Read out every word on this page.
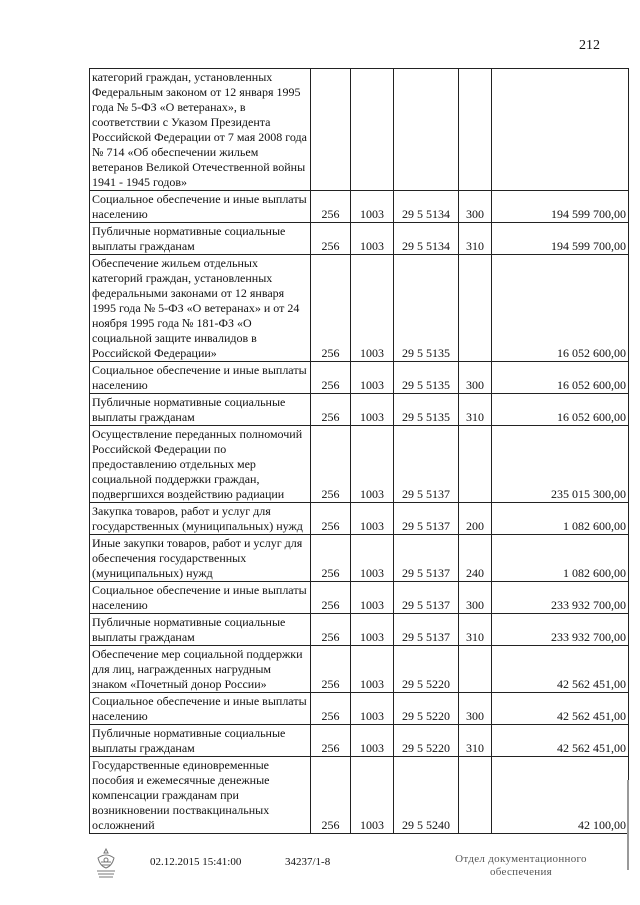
212
категорий граждан, установленных Федеральным законом от 12 января 1995 года № 5-ФЗ «О ветеранах», в соответствии с Указом Президента Российской Федерации от 7 мая 2008 года № 714 «Об обеспечении жильем ветеранов Великой Отечественной войны 1941 - 1945 годов»					
Социальное обеспечение и иные выплаты населению	256	1003	29 5 5134	300	194 599 700,00
Публичные нормативные социальные выплаты гражданам	256	1003	29 5 5134	310	194 599 700,00
Обеспечение жильем отдельных категорий граждан, установленных федеральными законами от 12 января 1995 года № 5-ФЗ «О ветеранах» и от 24 ноября 1995 года № 181-ФЗ «О социальной защите инвалидов в Российской Федерации»	256	1003	29 5 5135		16 052 600,00
Социальное обеспечение и иные выплаты населению	256	1003	29 5 5135	300	16 052 600,00
Публичные нормативные социальные выплаты гражданам	256	1003	29 5 5135	310	16 052 600,00
Осуществление переданных полномочий Российской Федерации по предоставлению отдельных мер социальной поддержки граждан, подвергшихся воздействию радиации	256	1003	29 5 5137		235 015 300,00
Закупка товаров, работ и услуг для государственных (муниципальных) нужд	256	1003	29 5 5137	200	1 082 600,00
Иные закупки товаров, работ и услуг для обеспечения государственных (муниципальных) нужд	256	1003	29 5 5137	240	1 082 600,00
Социальное обеспечение и иные выплаты населению	256	1003	29 5 5137	300	233 932 700,00
Публичные нормативные социальные выплаты гражданам	256	1003	29 5 5137	310	233 932 700,00
Обеспечение мер социальной поддержки для лиц, награжденных нагрудным знаком «Почетный донор России»	256	1003	29 5 5220		42 562 451,00
Социальное обеспечение и иные выплаты населению	256	1003	29 5 5220	300	42 562 451,00
Публичные нормативные социальные выплаты гражданам	256	1003	29 5 5220	310	42 562 451,00
Государственные единовременные пособия и ежемесячные денежные компенсации гражданам при возникновении поствакцинальных осложнений	256	1003	29 5 5240		42 100,00
02.12.2015 15:41:00	34237/1-8	Отдел документационного
обеспечения
